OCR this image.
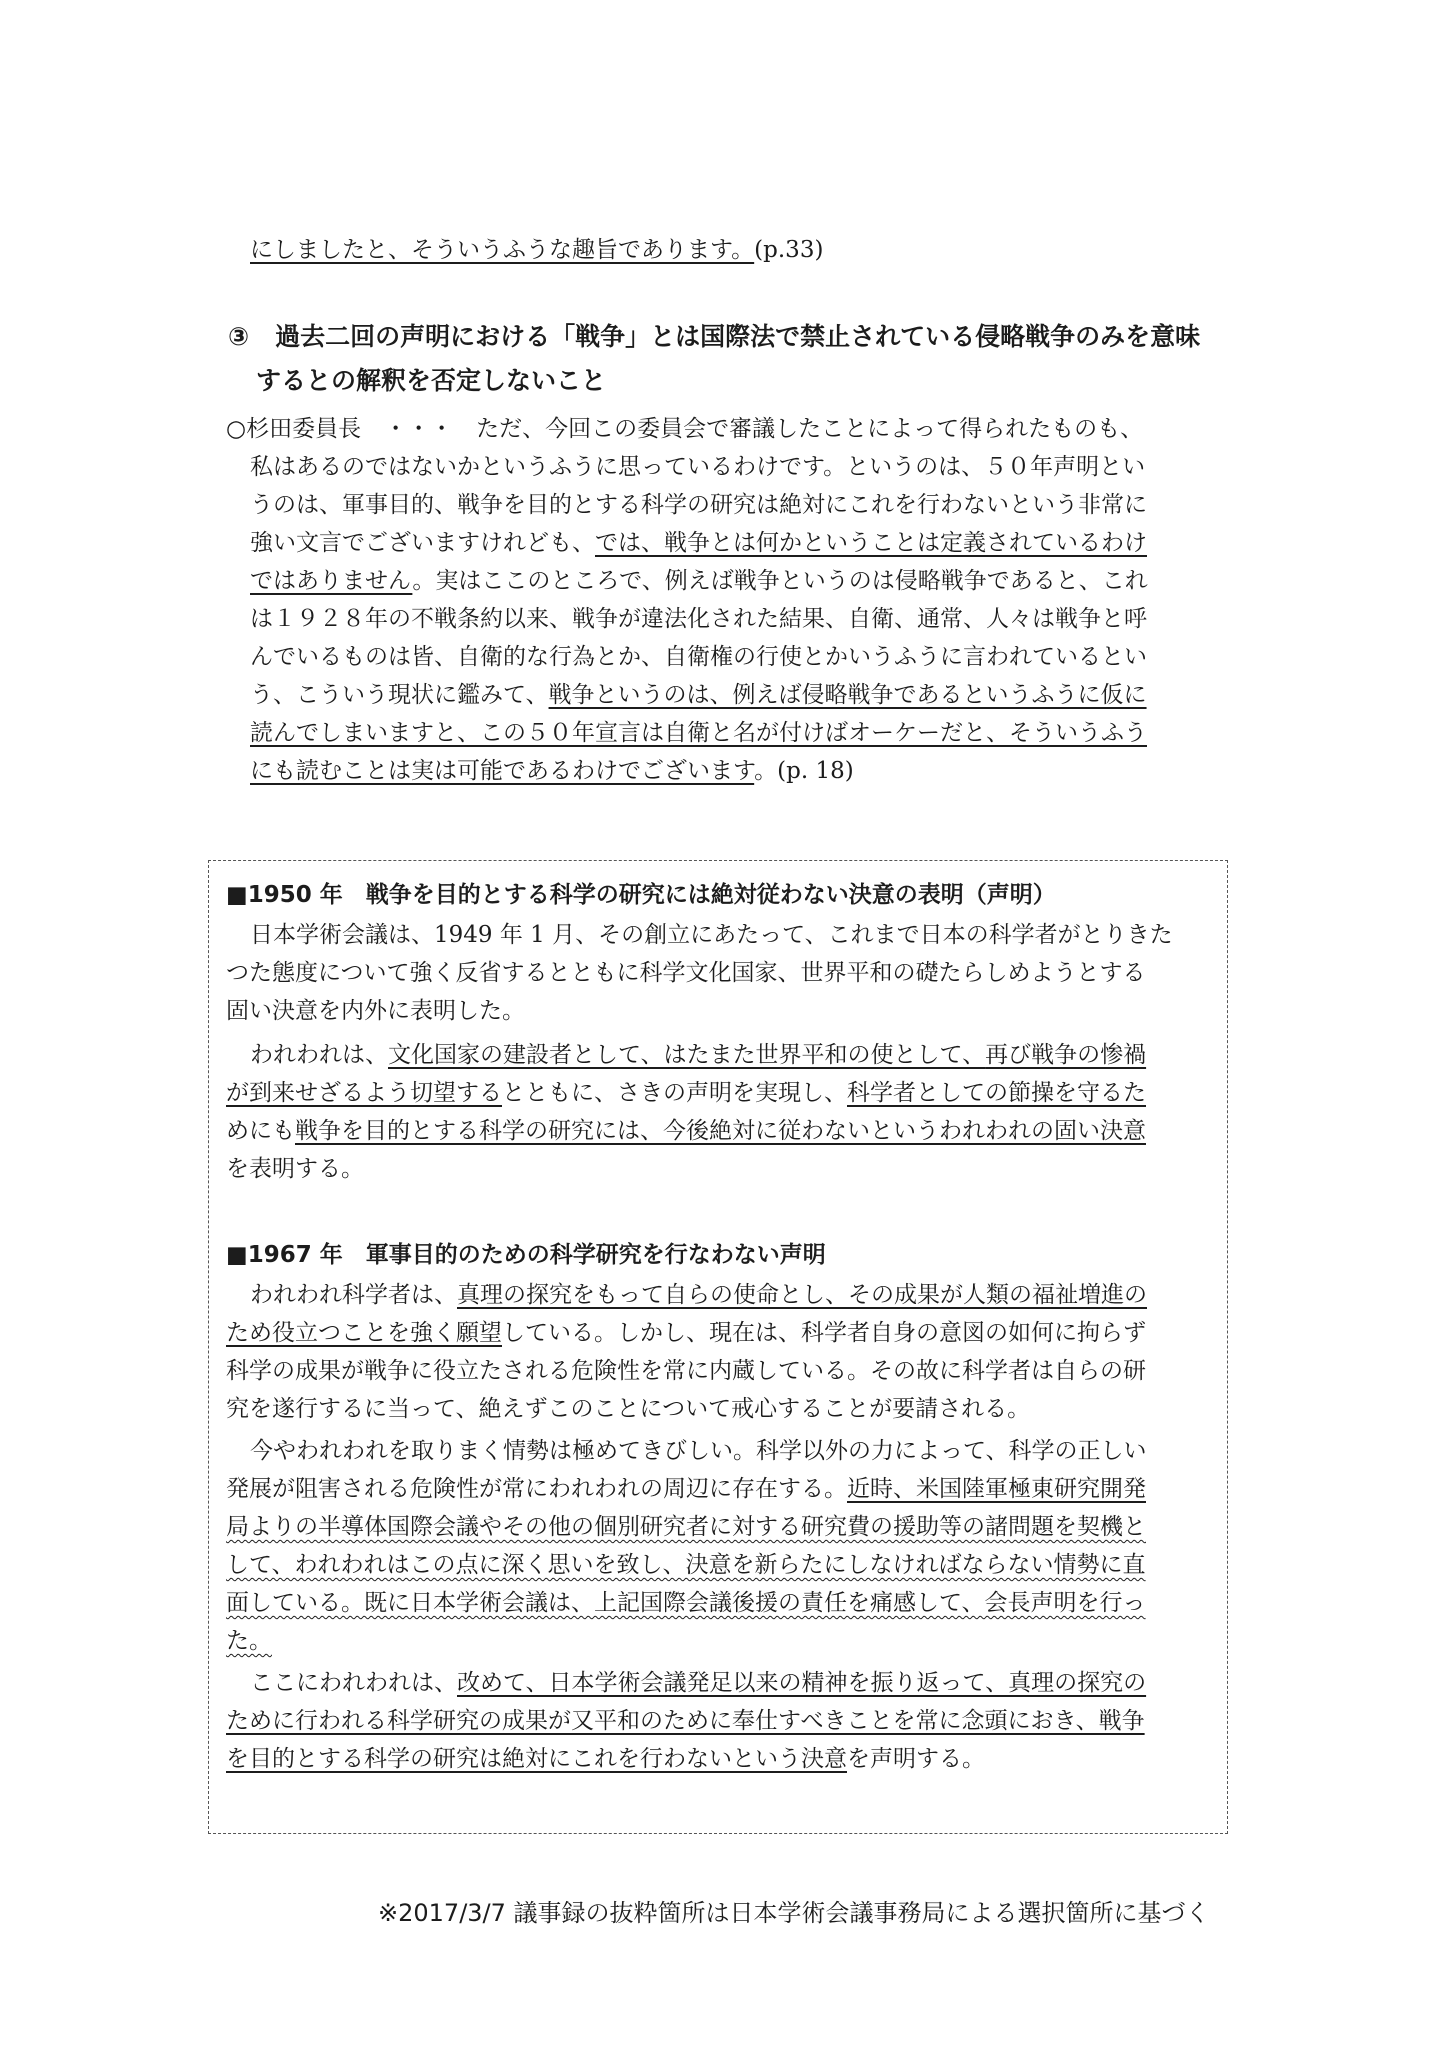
にしましたと、そういうふうな趣旨であります。(p.33)
③ 過去二回の声明における「戦争」とは国際法で禁止されている侵略戦争のみを意味
するとの解釈を否定しないこと
○杉田委員長　・・・　ただ、今回この委員会で審議したことによって得られたものも、
私はあるのではないかというふうに思っているわけです。というのは、５０年声明とい
うのは、軍事目的、戦争を目的とする科学の研究は絶対にこれを行わないという非常に
強い文言でございますけれども、では、戦争とは何かということは定義されているわけ
ではありません。実はここのところで、例えば戦争というのは侵略戦争であると、これ
は１９２８年の不戦条約以来、戦争が違法化された結果、自衛、通常、人々は戦争と呼
んでいるものは皆、自衛的な行為とか、自衛権の行使とかいうふうに言われているとい
う、こういう現状に鑑みて、戦争というのは、例えば侵略戦争であるというふうに仮に
読んでしまいますと、この５０年宣言は自衛と名が付けばオーケーだと、そういうふう
にも読むことは実は可能であるわけでございます。(p. 18)
■1950 年　戦争を目的とする科学の研究には絶対従わない決意の表明（声明）
日本学術会議は、1949 年 1 月、その創立にあたって、これまで日本の科学者がとりきた
つた態度について強く反省するとともに科学文化国家、世界平和の礎たらしめようとする
固い決意を内外に表明した。
われわれは、文化国家の建設者として、はたまた世界平和の使として、再び戦争の惨禍
が到来せざるよう切望するとともに、さきの声明を実現し、科学者としての節操を守るた
めにも戦争を目的とする科学の研究には、今後絶対に従わないというわれわれの固い決意
を表明する。
■1967 年　軍事目的のための科学研究を行なわない声明
われわれ科学者は、真理の探究をもって自らの使命とし、その成果が人類の福祉増進の
ため役立つことを強く願望している。しかし、現在は、科学者自身の意図の如何に拘らず
科学の成果が戦争に役立たされる危険性を常に内蔵している。その故に科学者は自らの研
究を遂行するに当って、絶えずこのことについて戒心することが要請される。
今やわれわれを取りまく情勢は極めてきびしい。科学以外の力によって、科学の正しい
発展が阻害される危険性が常にわれわれの周辺に存在する。近時、米国陸軍極東研究開発
局よりの半導体国際会議やその他の個別研究者に対する研究費の援助等の諸問題を契機と
して、われわれはこの点に深く思いを致し、決意を新らたにしなければならない情勢に直
面している。既に日本学術会議は、上記国際会議後援の責任を痛感して、会長声明を行っ
た。
ここにわれわれは、改めて、日本学術会議発足以来の精神を振り返って、真理の探究の
ために行われる科学研究の成果が又平和のために奉仕すべきことを常に念頭におき、戦争
を目的とする科学の研究は絶対にこれを行わないという決意を声明する。
※2017/3/7 議事録の抜粋箇所は日本学術会議事務局による選択箇所に基づく
